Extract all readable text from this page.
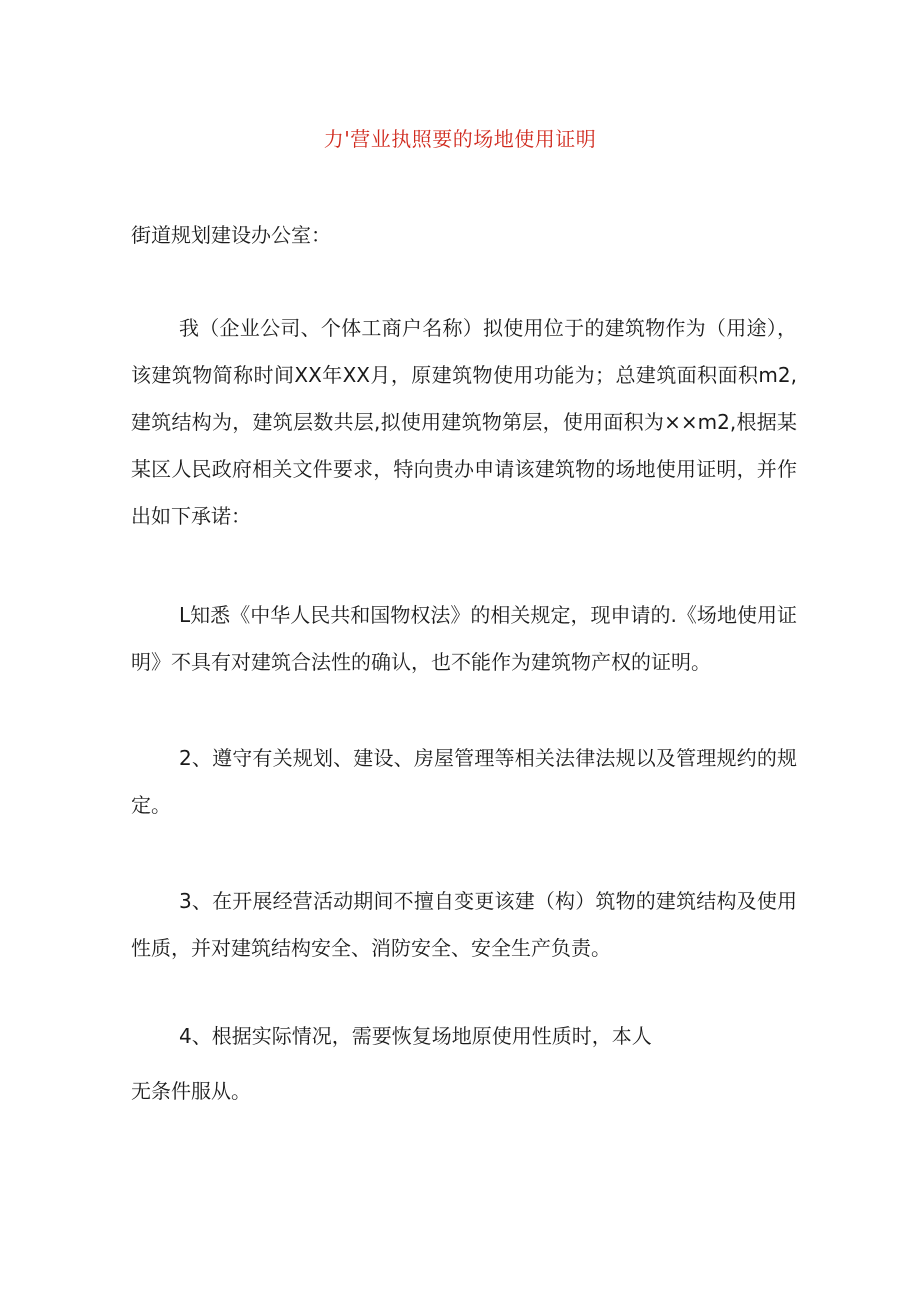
力'营业执照要的场地使用证明

街道规划建设办公室：

我（企业公司、个体工商户名称）拟使用位于的建筑物作为（用途），该建筑物简称时间XX年XX月，原建筑物使用功能为；总建筑面积面积m2,建筑结构为，建筑层数共层,拟使用建筑物第层，使用面积为××m2,根据某某区人民政府相关文件要求，特向贵办申请该建筑物的场地使用证明，并作出如下承诺：

L知悉《中华人民共和国物权法》的相关规定，现申请的.《场地使用证明》不具有对建筑合法性的确认，也不能作为建筑物产权的证明。

2、遵守有关规划、建设、房屋管理等相关法律法规以及管理规约的规定。

3、在开展经营活动期间不擅自变更该建（构）筑物的建筑结构及使用性质，并对建筑结构安全、消防安全、安全生产负责。

4、根据实际情况，需要恢复场地原使用性质时，本人

无条件服从。
